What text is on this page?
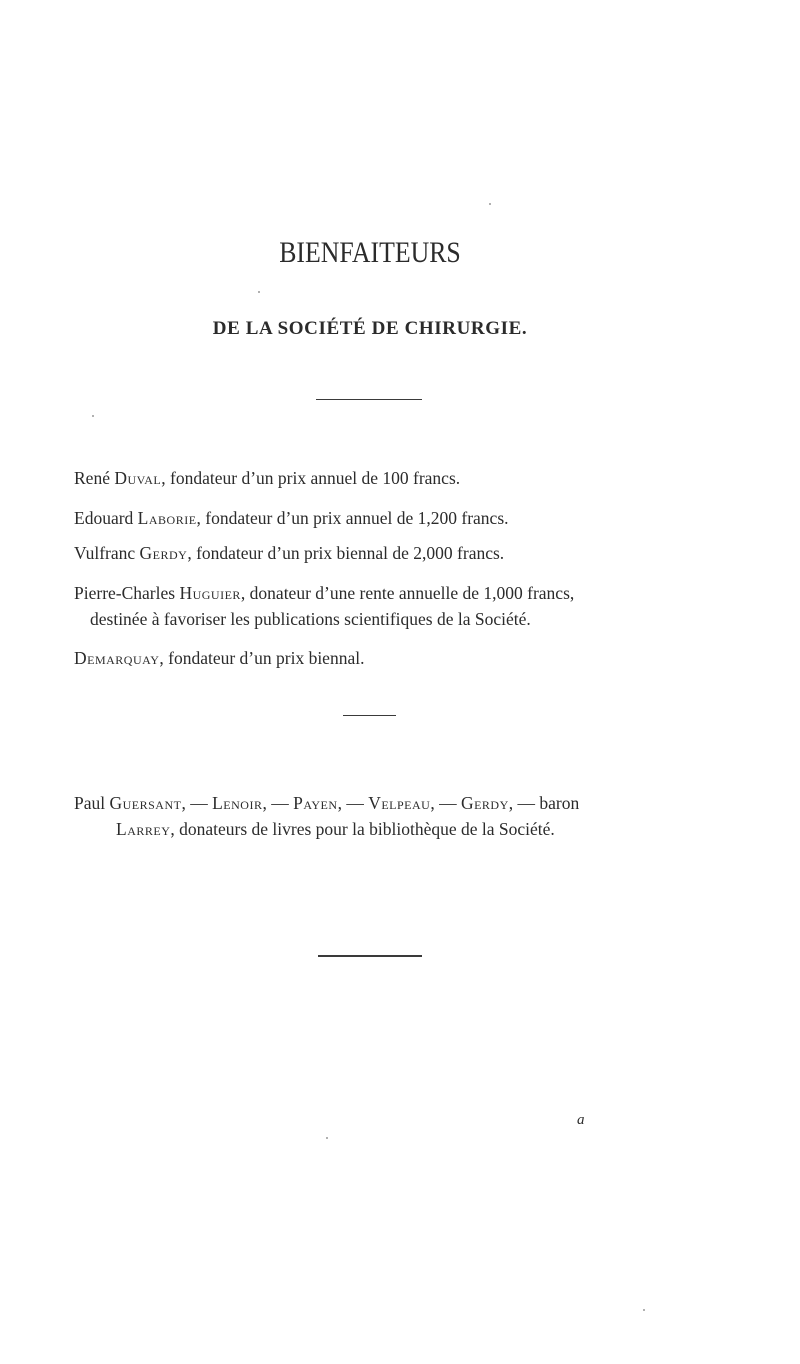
BIENFAITEURS
DE LA SOCIÉTÉ DE CHIRURGIE.

René Duval, fondateur d’un prix annuel de 100 francs.

Edouard Laborie, fondateur d’un prix annuel de 1,200 francs.

Vulfranc Gerdy, fondateur d’un prix biennal de 2,000 francs.

Pierre-Charles Huguier, donateur d’une rente annuelle de 1,000 francs,
destinée à favoriser les publications scientifiques de la Société.

Demarquay, fondateur d’un prix biennal.

Paul Guersant, — Lenoir, — Payen, — Velpeau, — Gerdy, — baron
Larrey, donateurs de livres pour la bibliothèque de la Société.

a
